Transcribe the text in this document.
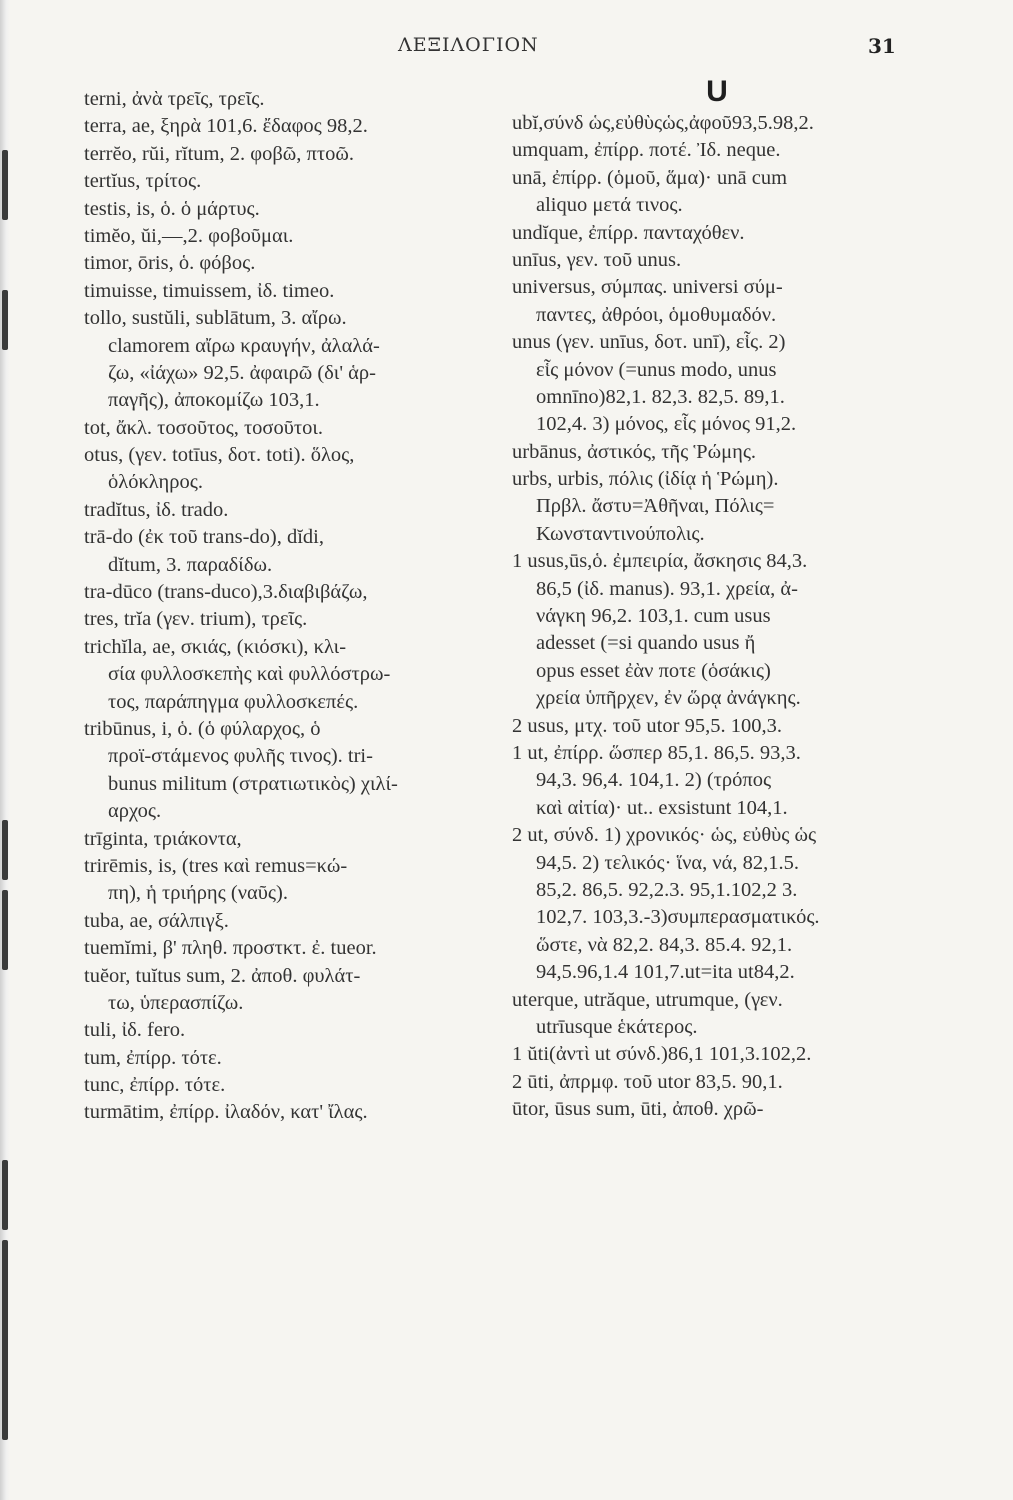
ΛΕΞΙΛΟΓΙΟΝ	31
terni, ἀνὰ τρεῖς, τρεῖς.
terra, ae, ξηρὰ 101,6. ἔδαφος 98,2.
terrĕo, rŭi, rĭtum, 2. φοβῶ, πτοῶ.
tertĭus, τρίτος.
testis, is, ὁ. ὁ μάρτυς.
timĕo, ŭi,—,2. φοβοῦμαι.
timor, ōris, ὁ. φόβος.
timuisse, timuissem, ἰδ. timeo.
tollo, sustŭli, sublātum, 3. αἴρω.
clamorem αἴρω κραυγήν, ἀλαλά-
ζω, «ἰάχω» 92,5. ἀφαιρῶ (δι' ἁρ-
παγῆς), ἀποκομίζω 103,1.
tot, ἄκλ. τοσοῦτος, τοσοῦτοι.
otus, (γεν. totīus, δοτ. toti). ὅλος,
ὁλόκληρος.
tradĭtus, ἰδ. trado.
trā-do (ἐκ τοῦ trans-do), dĭdi,
dĭtum, 3. παραδίδω.
tra-dūco (trans-duco),3.διαβιβάζω,
tres, trĭa (γεν. trium), τρεῖς.
trichĭla, ae, σκιάς, (κιόσκι), κλι-
σία φυλλοσκεπὴς καὶ φυλλόστρω-
τος, παράπηγμα φυλλοσκεπές.
tribūnus, i, ὁ. (ὁ φύλαρχος, ὁ
προϊ-στάμενος φυλῆς τινος). tri-
bunus militum (στρατιωτικὸς) χιλί-
αρχος.
trīginta, τριάκοντα,
trirēmis, is, (tres καὶ remus=κώ-
πη), ἡ τριήρης (ναῦς).
tuba, ae, σάλπιγξ.
tuemĭmi, β' πληθ. προστκτ. ἐ. tueor.
tuĕor, tuĭtus sum, 2. ἀποθ. φυλάτ-
τω, ὑπερασπίζω.
tuli, ἰδ. fero.
tum, ἐπίρρ. τότε.
tunc, ἐπίρρ. τότε.
turmātim, ἐπίρρ. ἰλαδόν, κατ' ἴλας.
U
ubĭ,σύνδ ὡς,εὐθὺςὡς,ἀφοῦ93,5.98,2.
umquam, ἐπίρρ. ποτέ. Ἰδ. neque.
unā, ἐπίρρ. (ὁμοῦ, ἅμα)· unā cum
aliquo μετά τινος.
undĭque, ἐπίρρ. πανταχόθεν.
unīus, γεν. τοῦ unus.
universus, σύμπας. universi σύμ-
παντες, ἀθρόοι, ὁμοθυμαδόν.
unus (γεν. unīus, δοτ. unī), εἷς. 2)
εἷς μόνον (=unus modo, unus
omnīno)82,1. 82,3. 82,5. 89,1.
102,4. 3) μόνος, εἷς μόνος 91,2.
urbānus, ἀστικός, τῆς Ῥώμης.
urbs, urbis, πόλις (ἰδίᾳ ἡ Ῥώμη).
Πρβλ. ἄστυ=Ἀθῆναι, Πόλις=
Κωνσταντινούπολις.
1 usus,ūs,ὁ. ἐμπειρία, ἄσκησις 84,3.
86,5 (ἰδ. manus). 93,1. χρεία, ἀ-
νάγκη 96,2. 103,1. cum usus
adesset (=si quando usus ἤ
opus esset ἐὰν ποτε (ὁσάκις)
χρεία ὑπῆρχεν, ἐν ὥρᾳ ἀνάγκης.
2 usus, μτχ. τοῦ utor 95,5. 100,3.
1 ut, ἐπίρρ. ὥσπερ 85,1. 86,5. 93,3.
94,3. 96,4. 104,1. 2) (τρόπος
καὶ αἰτία)· ut.. exsistunt 104,1.
2 ut, σύνδ. 1) χρονικός· ὡς, εὐθὺς ὡς
94,5. 2) τελικός· ἵνα, νά, 82,1.5.
85,2. 86,5. 92,2.3. 95,1.102,2 3.
102,7. 103,3.-3)συμπερασματικός.
ὥστε, νὰ 82,2. 84,3. 85.4. 92,1.
94,5.96,1.4 101,7.ut=ita ut84,2.
uterque, utrăque, utrumque, (γεν.
utrīusque ἑκάτερος.
1 ŭti(ἀντὶ ut σύνδ.)86,1 101,3.102,2.
2 ūti, ἀπρμφ. τοῦ utor 83,5. 90,1.
ūtor, ūsus sum, ūti, ἀποθ. χρῶ-
